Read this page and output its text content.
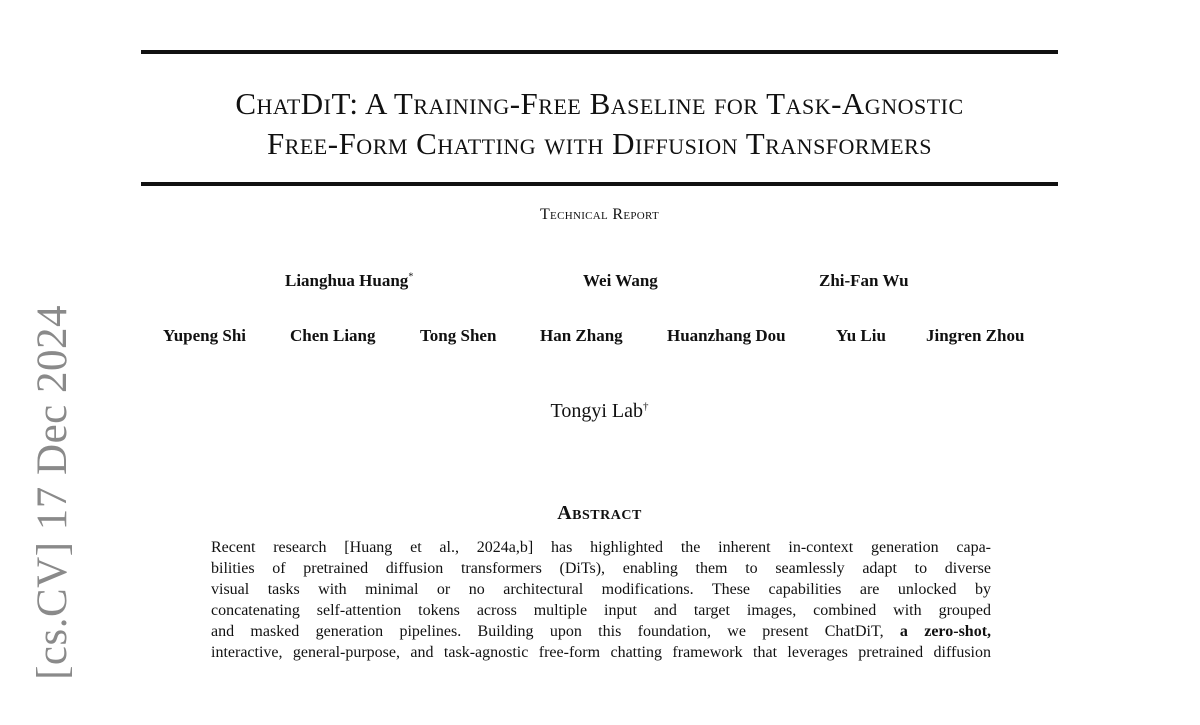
[cs.CV] 17 Dec 2024
ChatDiT: A Training-Free Baseline for Task-Agnostic
Free-Form Chatting with Diffusion Transformers
Technical Report
Lianghua Huang*	Wei Wang	Zhi-Fan Wu
Yupeng Shi	Chen Liang	Tong Shen	Han Zhang	Huanzhang Dou	Yu Liu Jingren Zhou
Tongyi Lab†
Abstract
Recent research [Huang et al., 2024a,b] has highlighted the inherent in-context generation capa-
bilities of pretrained diffusion transformers (DiTs), enabling them to seamlessly adapt to diverse
visual tasks with minimal or no architectural modifications. These capabilities are unlocked by
concatenating self-attention tokens across multiple input and target images, combined with grouped
and masked generation pipelines. Building upon this foundation, we present ChatDiT, a zero-shot,
interactive, general-purpose, and task-agnostic free-form chatting framework that leverages pretrained diffusion
